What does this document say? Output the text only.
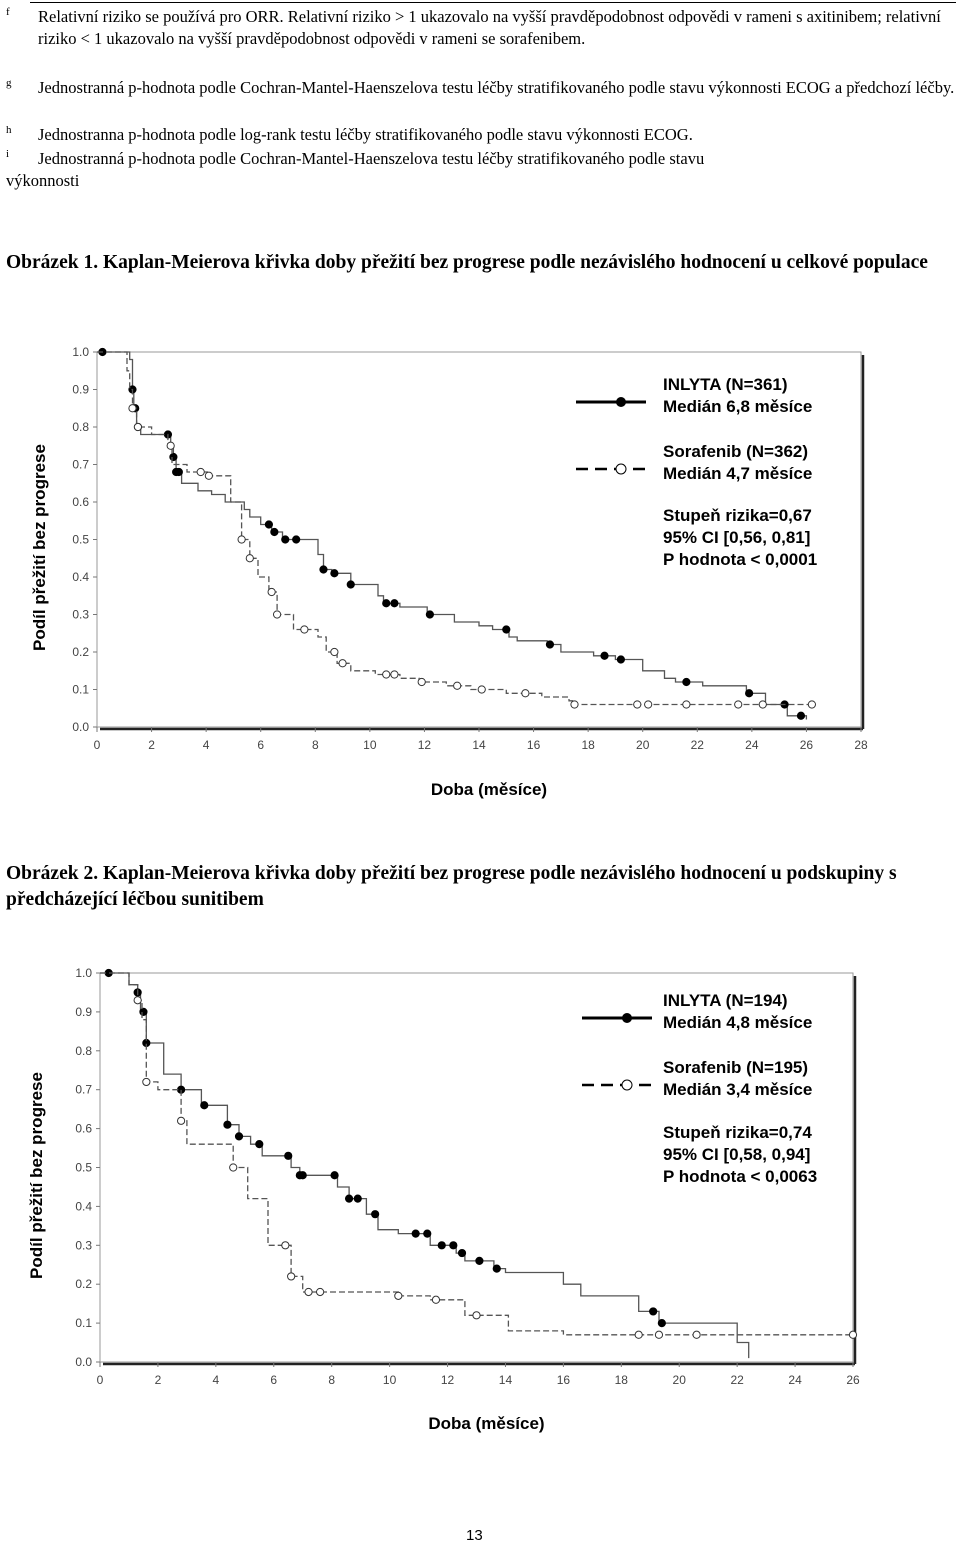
f Relativní riziko se používá pro ORR. Relativní riziko > 1 ukazovalo na vyšší pravděpodobnost odpovědi v rameni s axitinibem; relativní riziko < 1 ukazovalo na vyšší pravděpodobnost odpovědi v rameni se sorafenibem.
g Jednostranná p-hodnota podle Cochran-Mantel-Haenszelova testu léčby stratifikovaného podle stavu výkonnosti ECOG a předchozí léčby.
h Jednostranna p-hodnota podle log-rank testu léčby stratifikovaného podle stavu výkonnosti ECOG.
i Jednostranná p-hodnota podle Cochran-Mantel-Haenszelova testu léčby stratifikovaného podle stavu
výkonnosti
Obrázek 1. Kaplan-Meierova křivka doby přežití bez progrese podle nezávislého hodnocení u celkové populace
0.0
0.1
0.2
0.3
0.4
0.5
0.6
0.7
0.8
0.9
1.0
0	2	4	6	8	10	12	14	16	18	20	22	24	26	28
Podíl přežití bez progrese
Doba (měsíce)
INLYTA (N=361)
Medián 6,8 měsíce
Sorafenib (N=362)
Medián 4,7 měsíce
Stupeň rizika=0,67
95% CI [0,56, 0,81]
P hodnota < 0,0001
Obrázek 2. Kaplan-Meierova křivka doby přežití bez progrese podle nezávislého hodnocení u podskupiny s předcházející léčbou sunitibem
0.0
0.1
0.2
0.3
0.4
0.5
0.6
0.7
0.8
0.9
1.0
0	2	4	6	8	10	12	14	16	18	20	22	24	26
Podíl přežití bez progrese
Doba (měsíce)
INLYTA (N=194)
Medián 4,8 měsíce
Sorafenib (N=195)
Medián 3,4 měsíce
Stupeň rizika=0,74
95% CI [0,58, 0,94]
P hodnota < 0,0063
13
